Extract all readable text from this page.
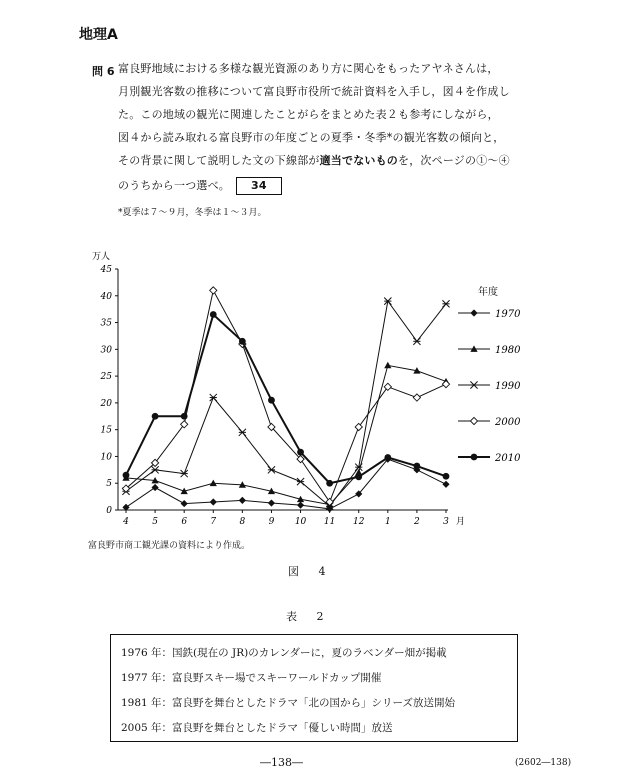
地理A
問 6 富良野地域における多様な観光資源のあり方に関心をもったアヤネさんは，
月別観光客数の推移について富良野市役所で統計資料を入手し，図４を作成し
た。この地域の観光に関連したことがらをまとめた表２も参考にしながら，
図４から読み取れる富良野市の年度ごとの夏季・冬季*の観光客数の傾向と，
その背景に関して説明した文の下線部が適当でないものを，次ページの①～④
のうちから一つ選べ。 34
*夏季は７～９月，冬季は１～３月。
万人
0
5
10
15
20
25
30
35
40
45
4	5	6	7	8	9 10 11 12 1	2	3 月
年度
1970
1980
1990
2000
2010
富良野市商工観光課の資料により作成。
図 4
表 2
1976 年：国鉄(現在の JR)のカレンダーに，夏のラベンダー畑が掲載
1977 年：富良野スキー場でスキーワールドカップ開催
1981 年：富良野を舞台としたドラマ「北の国から」シリーズ放送開始
2005 年：富良野を舞台としたドラマ「優しい時間」放送
―138―	(2602―138)
